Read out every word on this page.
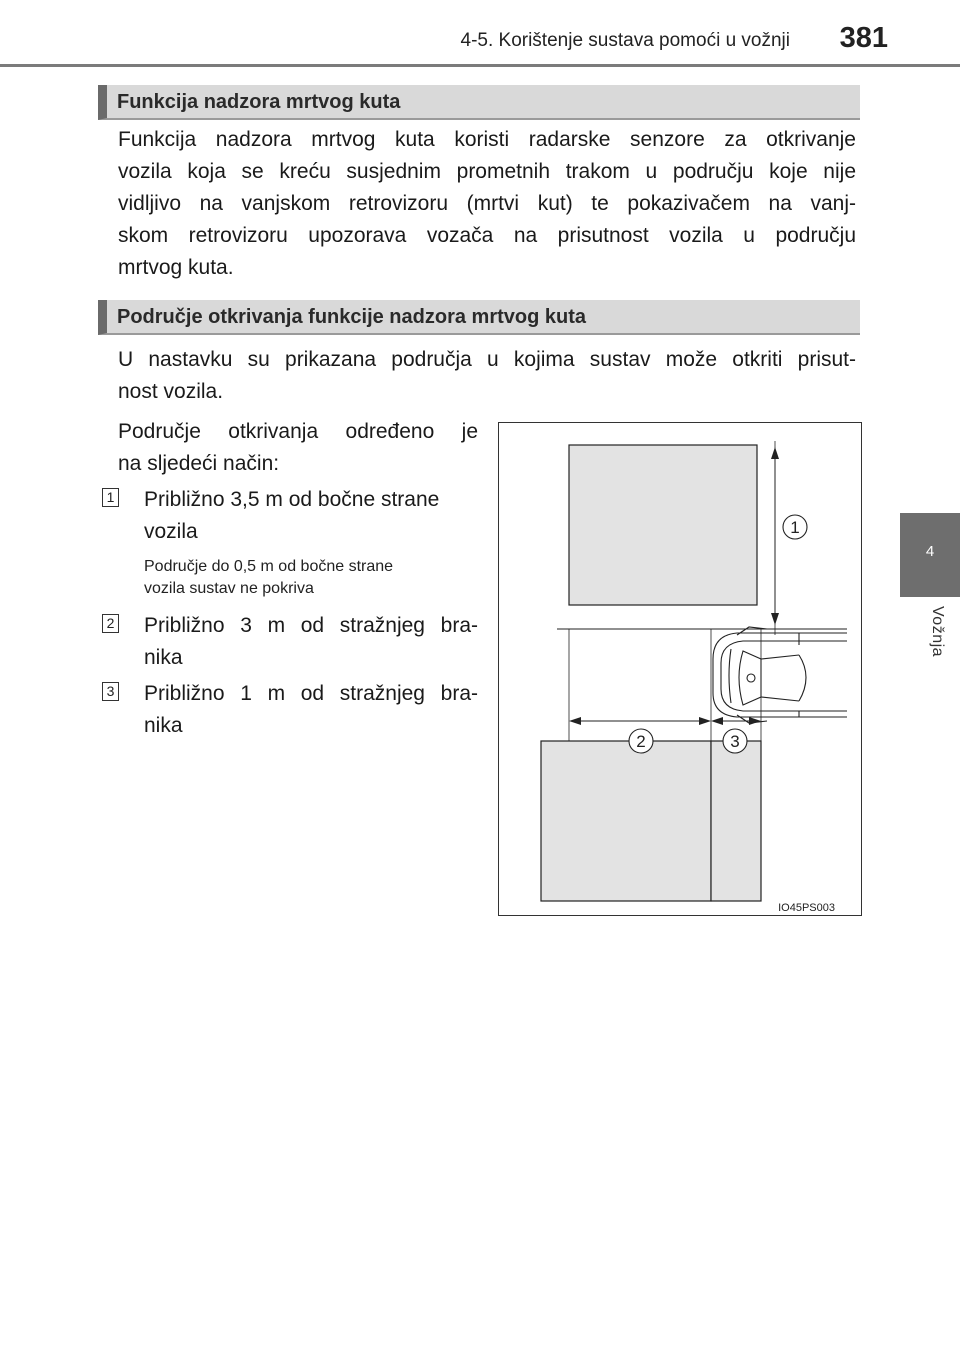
4-5. Korištenje sustava pomoći u vožnji 381
4
Vožnja
Funkcija nadzora mrtvog kuta
Funkcija nadzora mrtvog kuta koristi radarske senzore za otkrivanje
vozila koja se kreću susjednim prometnih trakom u području koje nije
vidljivo na vanjskom retrovizoru (mrtvi kut) te pokazivačem na vanj-
skom retrovizoru upozorava vozača na prisutnost vozila u području
mrtvog kuta.
Područje otkrivanja funkcije nadzora mrtvog kuta
U nastavku su prikazana područja u kojima sustav može otkriti prisut-
nost vozila.
Područje otkrivanja određeno je
na sljedeći način:
1 Približno 3,5 m od bočne strane
vozila
Područje do 0,5 m od bočne strane
vozila sustav ne pokriva
2 Približno 3 m od stražnjeg bra-
nika
3 Približno 1 m od stražnjeg bra-
nika
1
2	3
IO45PS003
